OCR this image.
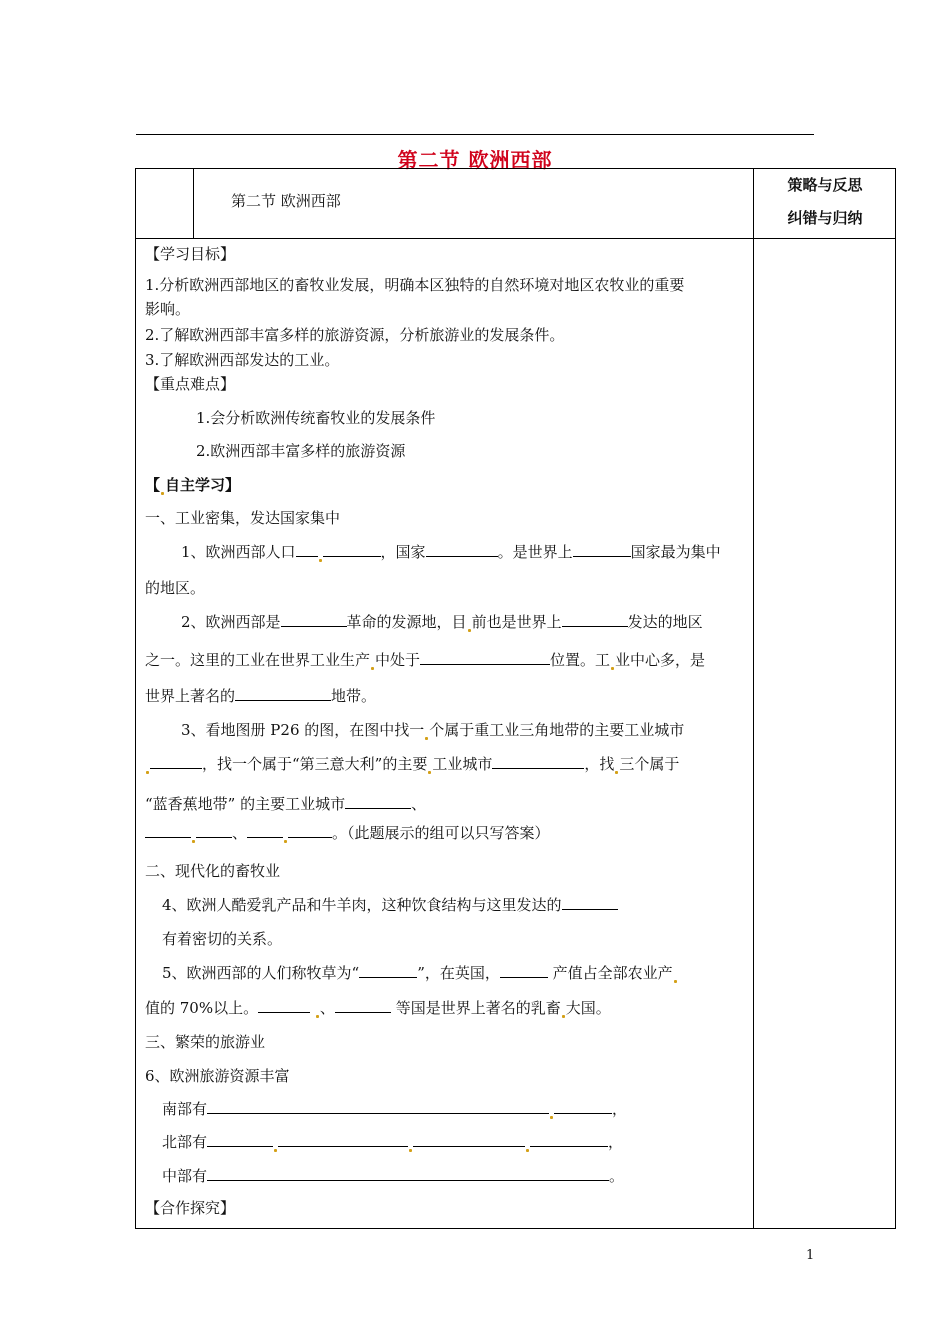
第二节 欧洲西部
第二节 欧洲西部
策略与反思
纠错与归纳
【学习目标】
1.分析欧洲西部地区的畜牧业发展，明确本区独特的自然环境对地区农牧业的重要
影响。
2.了解欧洲西部丰富多样的旅游资源，分析旅游业的发展条件。
3.了解欧洲西部发达的工业。
【重点难点】
1.会分析欧洲传统畜牧业的发展条件
2.欧洲西部丰富多样的旅游资源
【 自主学习】
一、工业密集，发达国家集中
1、欧洲西部人口	，国家	。是世界上	国家最为集中
的地区。
2、欧洲西部是	革命的发源地，目 前也是世界上	发达的地区
之一。这里的工业在世界工业生产 中处于	位置。工 业中心多，是
世界上著名的	地带。
3、看地图册 P26 的图，在图中找一 个属于重工业三角地带的主要工业城市
，找一个属于“第三意大利”的主要 工业城市	，找 三个属于
“蓝香蕉地带” 的主要工业城市	、
、	。（此题展示的组可以只写答案）
二、现代化的畜牧业
4、欧洲人酷爱乳产品和牛羊肉，这种饮食结构与这里发达的
有着密切的关系。
5、欧洲西部的人们称牧草为“	”，在英国，	产值占全部农业产
值的 70%以上。	、	等国是世界上著名的乳畜 大国。
三、繁荣的旅游业
6、欧洲旅游资源丰富
南部有	，
北部有	，
中部有	。
【合作探究】
1
